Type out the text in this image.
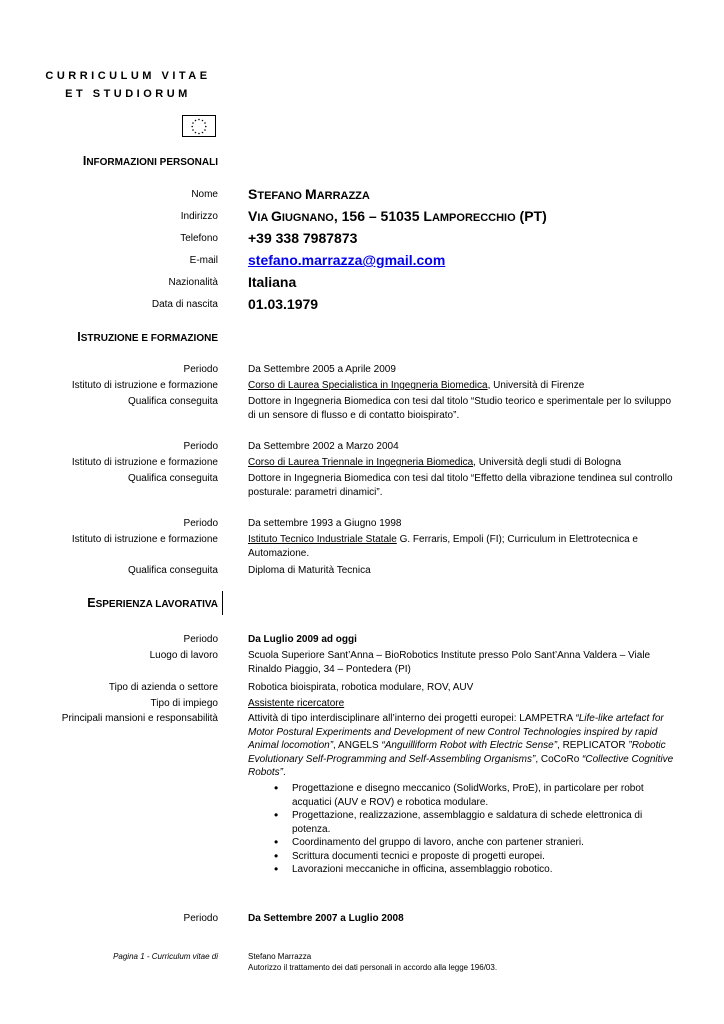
CURRICULUM VITAE
ET STUDIORUM
INFORMAZIONI PERSONALI
Nome STEFANO MARRAZZA
Indirizzo VIA GIUGNANO, 156 – 51035 LAMPORECCHIO (PT)
Telefono +39 338 7987873
E-mail stefano.marrazza@gmail.com
Nazionalità Italiana
Data di nascita 01.03.1979
ISTRUZIONE E FORMAZIONE
Periodo	Da Settembre 2005 a Aprile 2009
Istituto di istruzione e formazione	Corso di Laurea Specialistica in Ingegneria Biomedica, Università di Firenze
Qualifica conseguita	Dottore in Ingegneria Biomedica con tesi dal titolo “Studio teorico e sperimentale per lo sviluppo di un sensore di flusso e di contatto bioispirato”.
Periodo	Da Settembre 2002 a Marzo 2004
Istituto di istruzione e formazione	Corso di Laurea Triennale in Ingegneria Biomedica, Università degli studi di Bologna
Qualifica conseguita	Dottore in Ingegneria Biomedica con tesi dal titolo “Effetto della vibrazione tendinea sul controllo posturale: parametri dinamici”.
Periodo	Da settembre 1993 a Giugno 1998
Istituto di istruzione e formazione	Istituto Tecnico Industriale Statale G. Ferraris, Empoli (FI); Curriculum in Elettrotecnica e Automazione.
Qualifica conseguita	Diploma di Maturità Tecnica
ESPERIENZA LAVORATIVA
Periodo	Da Luglio 2009 ad oggi
Luogo di lavoro	Scuola Superiore Sant’Anna – BioRobotics Institute presso Polo Sant’Anna Valdera – Viale Rinaldo Piaggio, 34 – Pontedera (PI)
Tipo di azienda o settore	Robotica bioispirata, robotica modulare, ROV, AUV
Tipo di impiego	Assistente ricercatore
Principali mansioni e responsabilità	Attività di tipo interdisciplinare all’interno dei progetti europei: LAMPETRA “Life-like artefact for Motor Postural Experiments and Development of new Control Technologies inspired by rapid Animal locomotion”, ANGELS “Anguilliform Robot with Electric Sense”, REPLICATOR ”Robotic Evolutionary Self-Programming and Self-Assembling Organisms”, CoCoRo “Collective Cognitive Robots”.
• Progettazione e disegno meccanico (SolidWorks, ProE), in particolare per robot acquatici (AUV e ROV) e robotica modulare.
• Progettazione, realizzazione, assemblaggio e saldatura di schede elettronica di potenza.
• Coordinamento del gruppo di lavoro, anche con partener stranieri.
• Scrittura documenti tecnici e proposte di progetti europei.
• Lavorazioni meccaniche in officina, assemblaggio robotico.
Periodo	Da Settembre 2007 a Luglio 2008
Pagina 1 - Curriculum vitae di	Stefano Marrazza
Autorizzo il trattamento dei dati personali in accordo alla legge 196/03.
